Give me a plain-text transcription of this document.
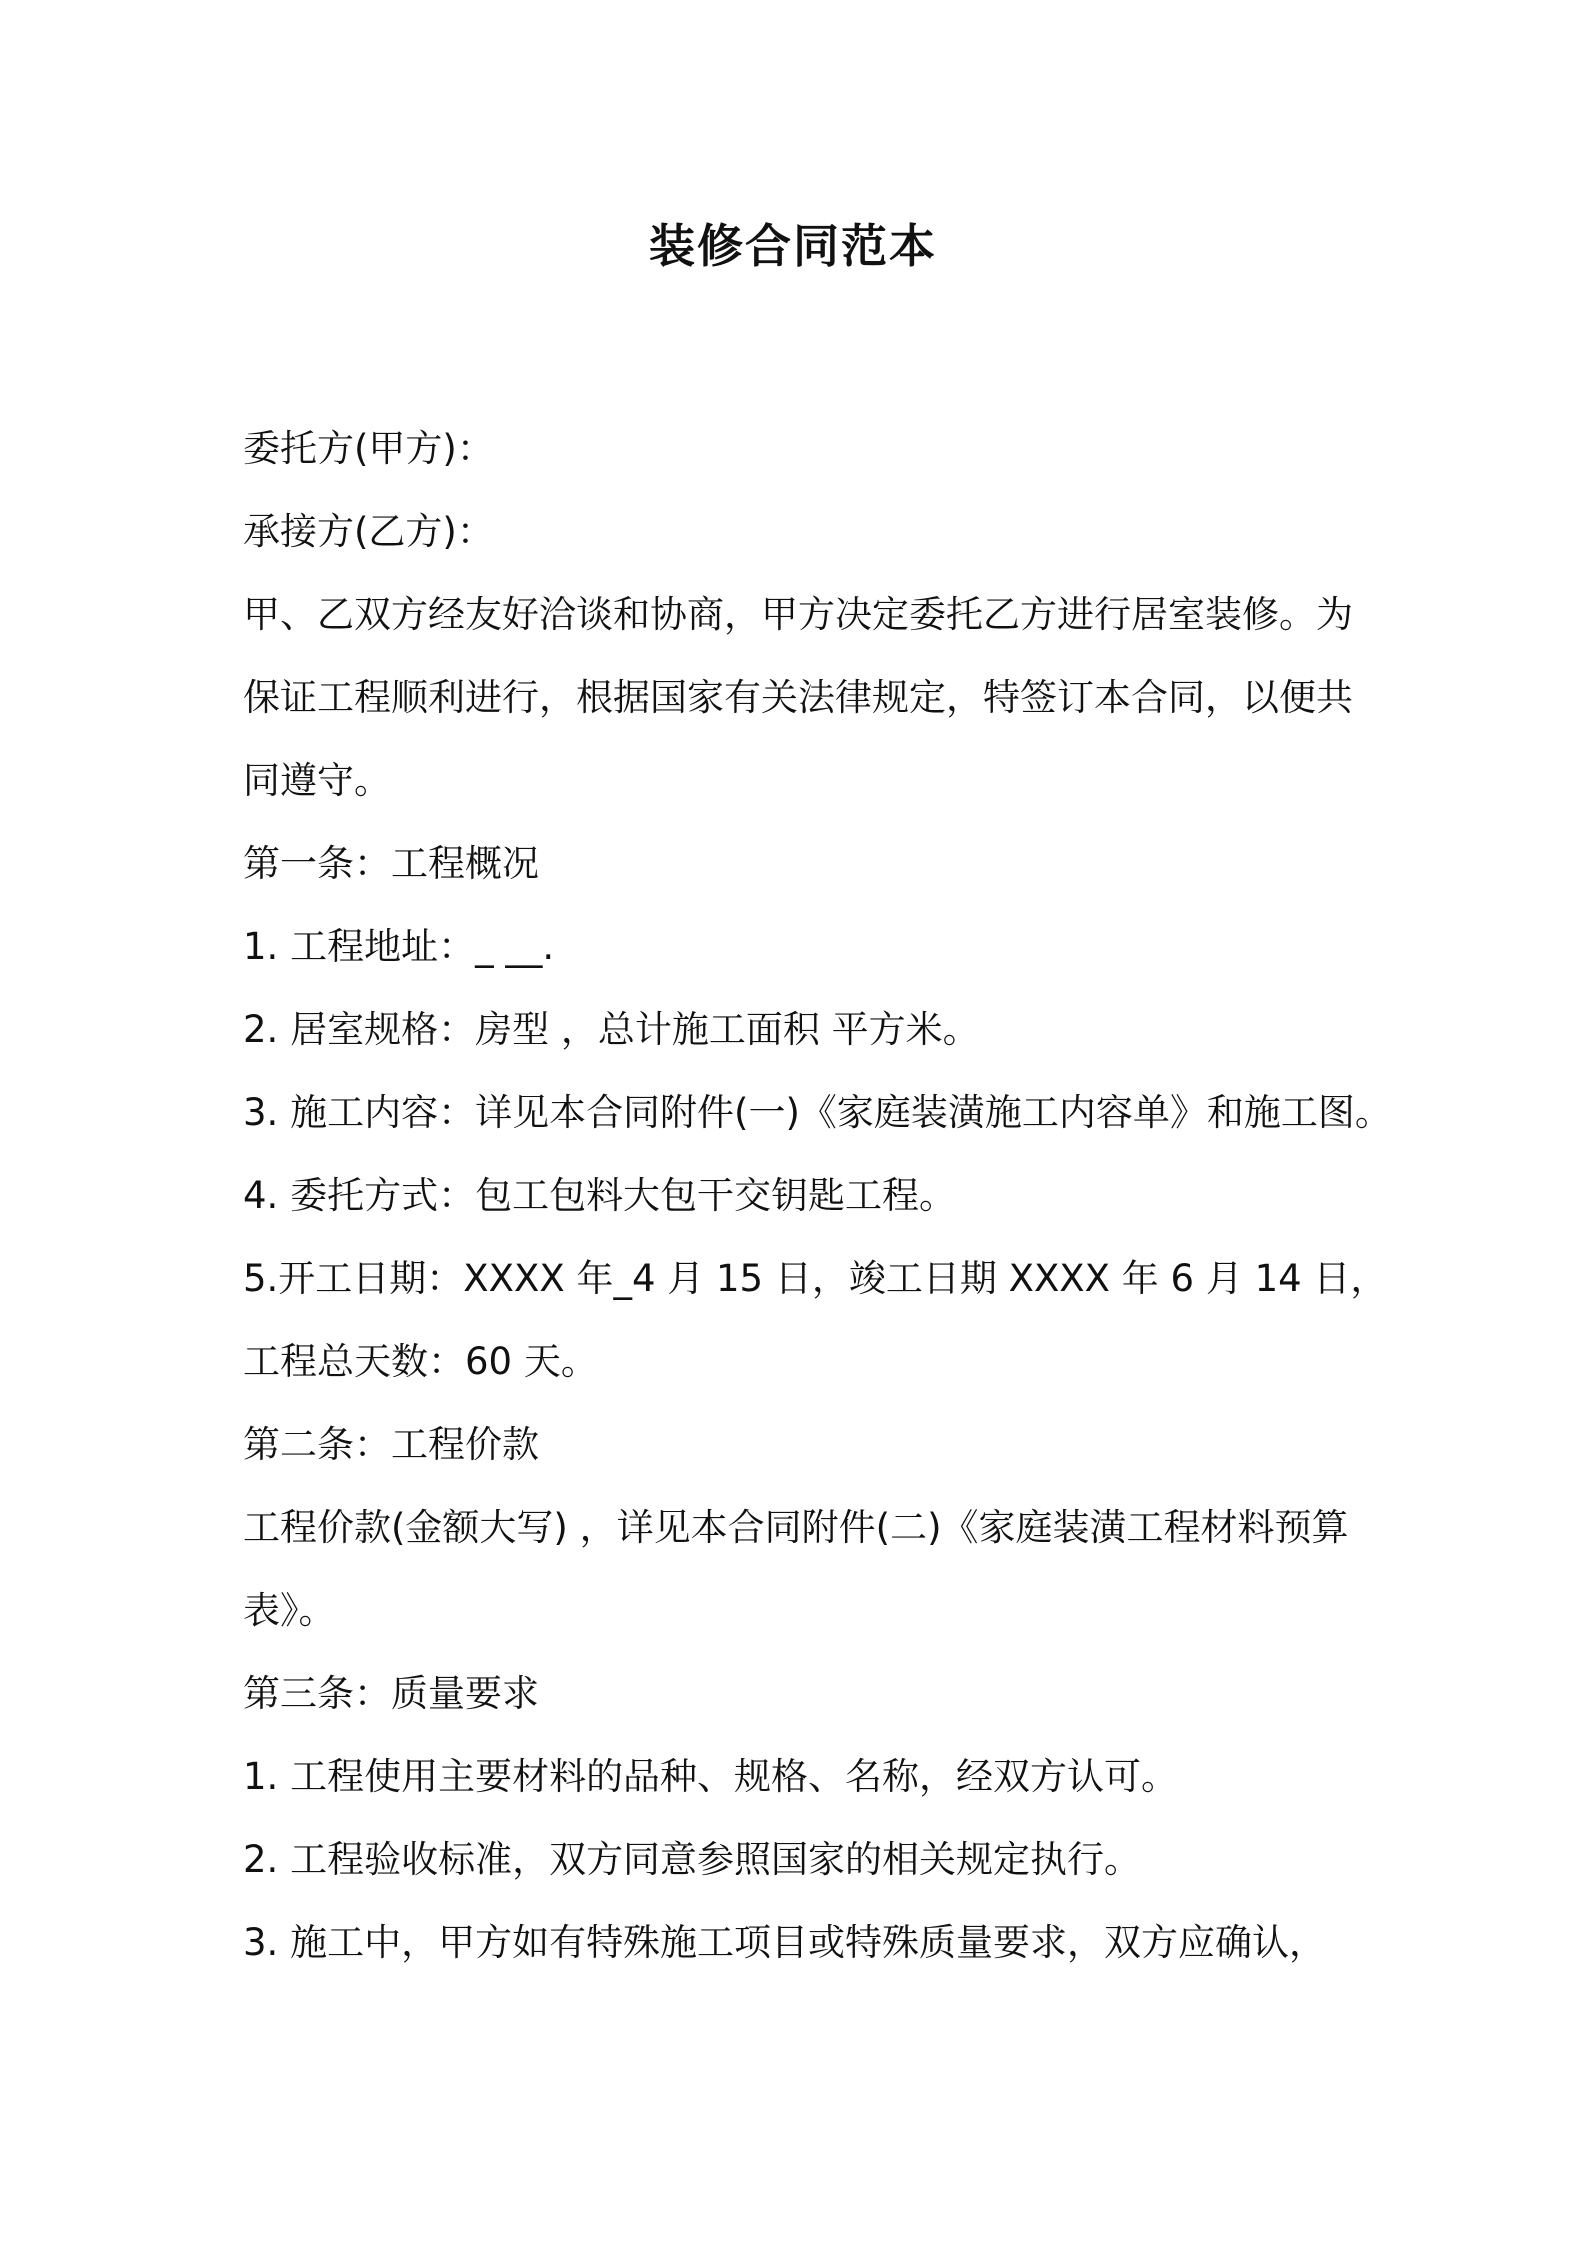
装修合同范本
委托方(甲方)：
承接方(乙方)：
甲、乙双方经友好洽谈和协商，甲方决定委托乙方进行居室装修。为
保证工程顺利进行，根据国家有关法律规定，特签订本合同，以便共
同遵守。
第一条：工程概况
1. 工程地址：_ __.
2. 居室规格：房型 ，总计施工面积 平方米。
3. 施工内容：详见本合同附件(一)《家庭装潢施工内容单》和施工图。
4. 委托方式：包工包料大包干交钥匙工程。
5.开工日期：XXXX 年_4 月 15 日，竣工日期 XXXX 年 6 月 14 日，
工程总天数：60 天。
第二条：工程价款
工程价款(金额大写) ，详见本合同附件(二)《家庭装潢工程材料预算
表》。
第三条：质量要求
1. 工程使用主要材料的品种、规格、名称，经双方认可。
2. 工程验收标准，双方同意参照国家的相关规定执行。
3. 施工中，甲方如有特殊施工项目或特殊质量要求，双方应确认，
